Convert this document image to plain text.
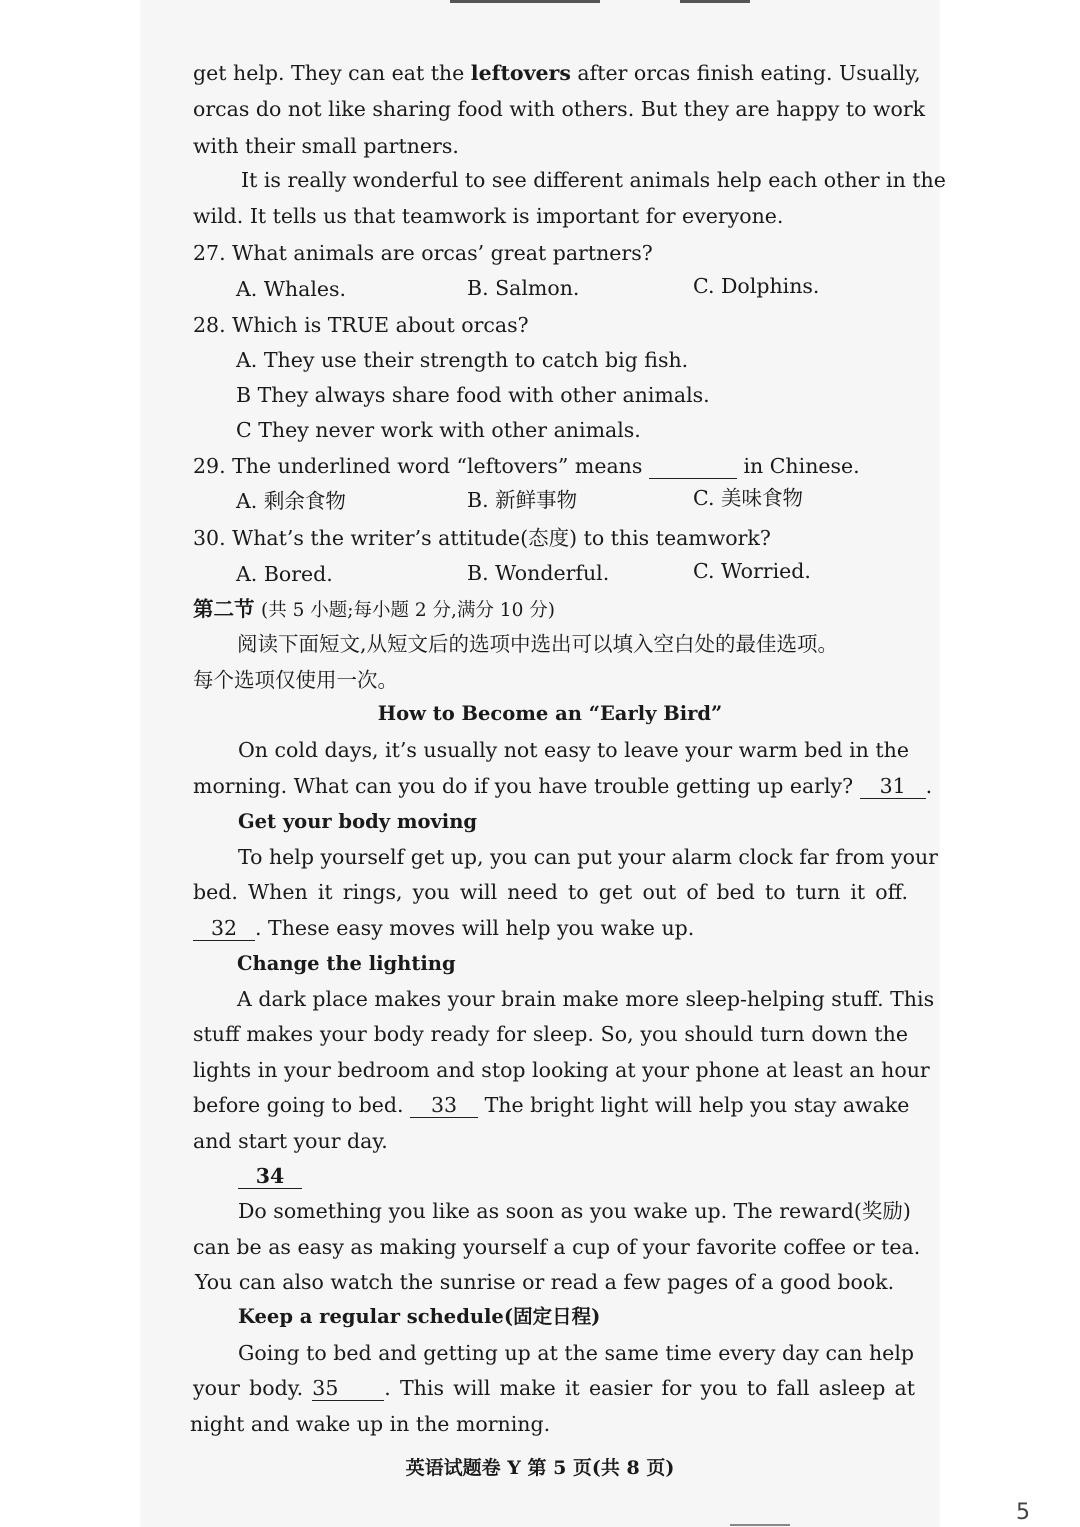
get help. They can eat the leftovers after orcas finish eating. Usually,
orcas do not like sharing food with others. But they are happy to work
with their small partners.
It is really wonderful to see different animals help each other in the
wild. It tells us that teamwork is important for everyone.
27. What animals are orcas’ great partners?
A. Whales.	B. Salmon.	C. Dolphins.
28. Which is TRUE about orcas?
A. They use their strength to catch big fish.
B They always share food with other animals.
C They never work with other animals.
29. The underlined word “leftovers” means	in Chinese.
A. 剩余食物	B. 新鲜事物	C. 美味食物
30. What’s the writer’s attitude(态度) to this teamwork?
A. Bored.	B. Wonderful.	C. Worried.
第二节 (共 5 小题;每小题 2 分,满分 10 分)
阅读下面短文,从短文后的选项中选出可以填入空白处的最佳选项。
每个选项仅使用一次。
How to Become an “Early Bird”
On cold days, it’s usually not easy to leave your warm bed in the
morning. What can you do if you have trouble getting up early? 31 .
Get your body moving
To help yourself get up, you can put your alarm clock far from your
bed. When it rings, you will need to get out of bed to turn it off.
32 . These easy moves will help you wake up.
Change the lighting
A dark place makes your brain make more sleep-helping stuff. This
stuff makes your body ready for sleep. So, you should turn down the
lights in your bedroom and stop looking at your phone at least an hour
before going to bed. 33 The bright light will help you stay awake
and start your day.
34
Do something you like as soon as you wake up. The reward(奖励)
can be as easy as making yourself a cup of your favorite coffee or tea.
You can also watch the sunrise or read a few pages of a good book.
Keep a regular schedule(固定日程)
Going to bed and getting up at the same time every day can help
your body. 35 . This will make it easier for you to fall asleep at
night and wake up in the morning.
英语试题卷 Y 第 5 页(共 8 页)
5
